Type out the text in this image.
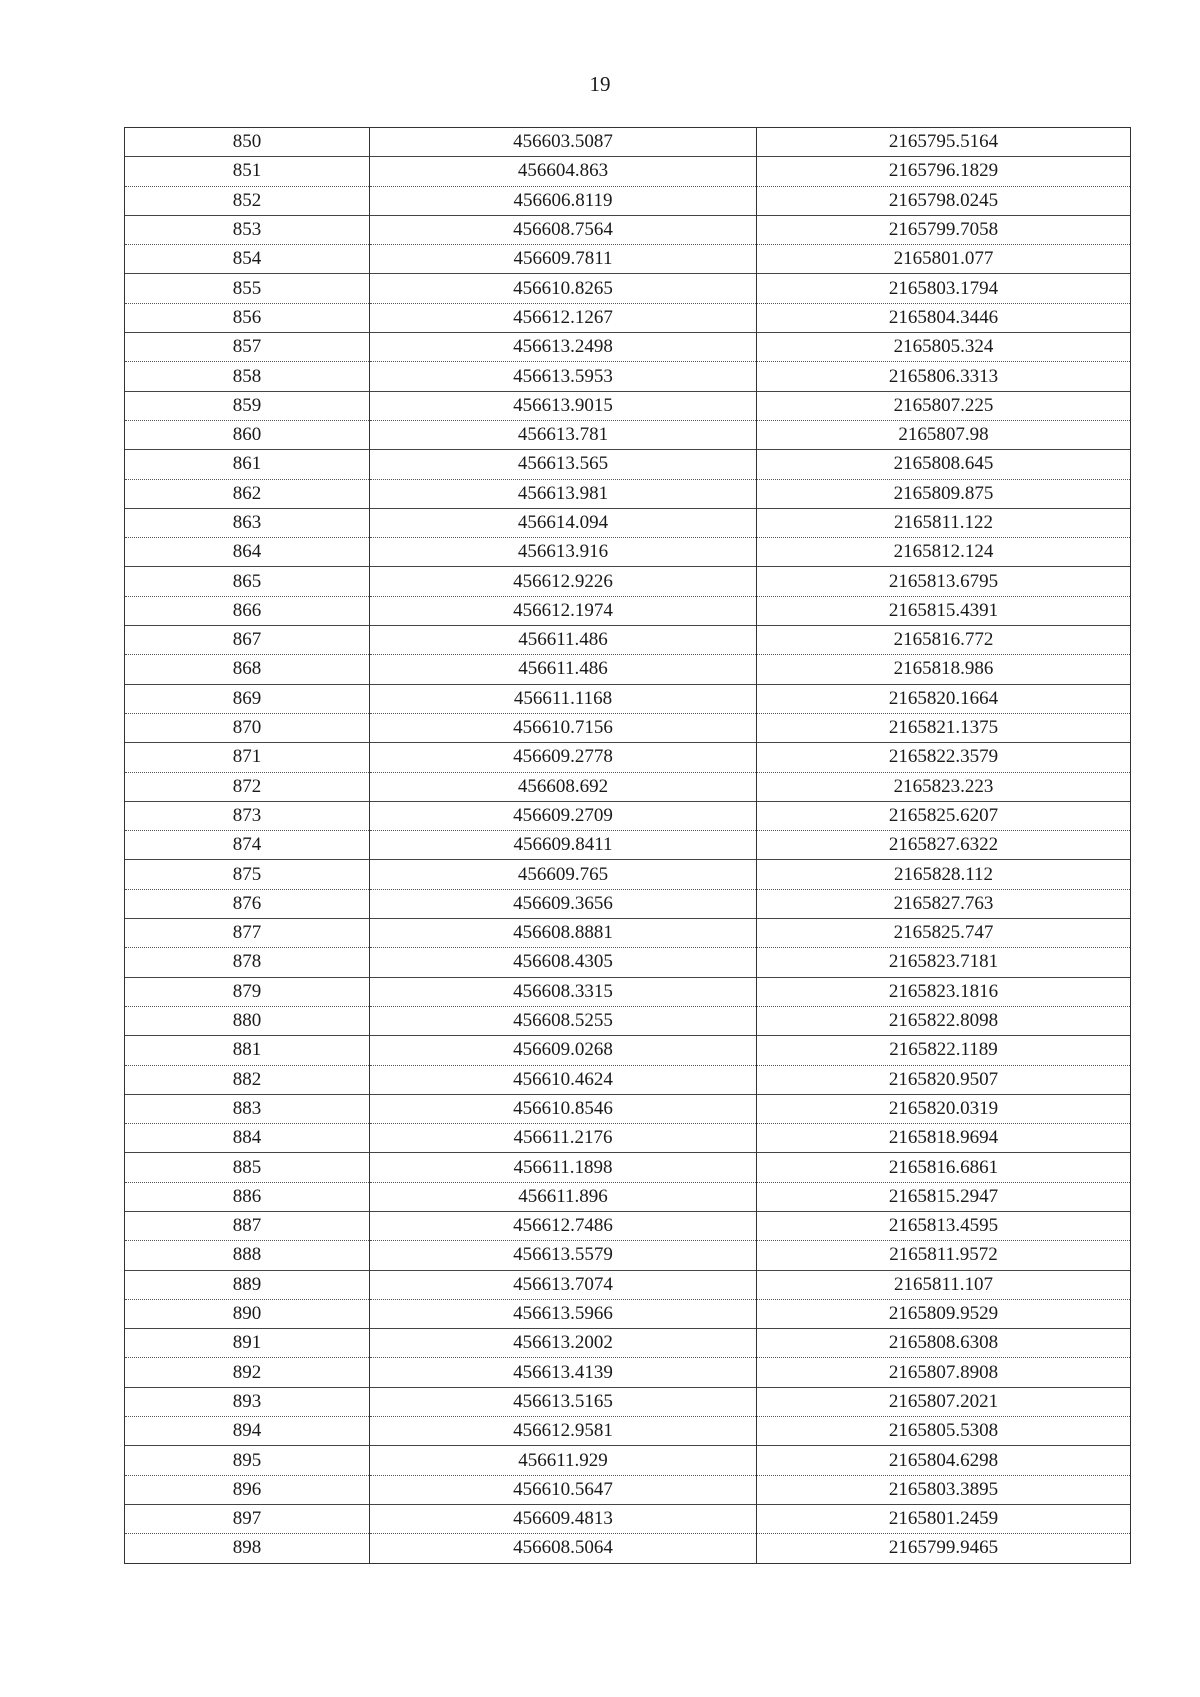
19
850	456603.5087	2165795.5164
851	456604.863	2165796.1829
852	456606.8119	2165798.0245
853	456608.7564	2165799.7058
854	456609.7811	2165801.077
855	456610.8265	2165803.1794
856	456612.1267	2165804.3446
857	456613.2498	2165805.324
858	456613.5953	2165806.3313
859	456613.9015	2165807.225
860	456613.781	2165807.98
861	456613.565	2165808.645
862	456613.981	2165809.875
863	456614.094	2165811.122
864	456613.916	2165812.124
865	456612.9226	2165813.6795
866	456612.1974	2165815.4391
867	456611.486	2165816.772
868	456611.486	2165818.986
869	456611.1168	2165820.1664
870	456610.7156	2165821.1375
871	456609.2778	2165822.3579
872	456608.692	2165823.223
873	456609.2709	2165825.6207
874	456609.8411	2165827.6322
875	456609.765	2165828.112
876	456609.3656	2165827.763
877	456608.8881	2165825.747
878	456608.4305	2165823.7181
879	456608.3315	2165823.1816
880	456608.5255	2165822.8098
881	456609.0268	2165822.1189
882	456610.4624	2165820.9507
883	456610.8546	2165820.0319
884	456611.2176	2165818.9694
885	456611.1898	2165816.6861
886	456611.896	2165815.2947
887	456612.7486	2165813.4595
888	456613.5579	2165811.9572
889	456613.7074	2165811.107
890	456613.5966	2165809.9529
891	456613.2002	2165808.6308
892	456613.4139	2165807.8908
893	456613.5165	2165807.2021
894	456612.9581	2165805.5308
895	456611.929	2165804.6298
896	456610.5647	2165803.3895
897	456609.4813	2165801.2459
898	456608.5064	2165799.9465
